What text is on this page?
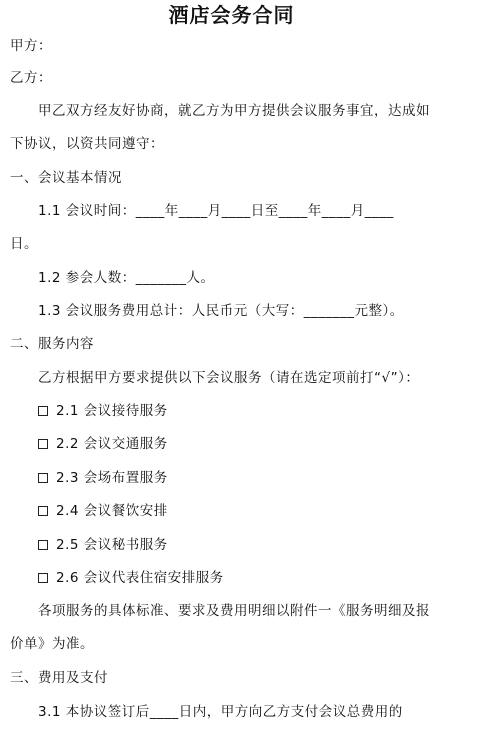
酒店会务合同
甲方：
乙方：
甲乙双方经友好协商，就乙方为甲方提供会议服务事宜，达成如
下协议，以资共同遵守：
一、会议基本情况
1.1 会议时间：____年____月____日至____年____月____
日。
1.2 参会人数：_______人。
1.3 会议服务费用总计：人民币元（大写：_______元整）。
二、服务内容
乙方根据甲方要求提供以下会议服务（请在选定项前打“√”）：
2.1 会议接待服务
2.2 会议交通服务
2.3 会场布置服务
2.4 会议餐饮安排
2.5 会议秘书服务
2.6 会议代表住宿安排服务
各项服务的具体标准、要求及费用明细以附件一《服务明细及报
价单》为准。
三、费用及支付
3.1 本协议签订后____日内，甲方向乙方支付会议总费用的
